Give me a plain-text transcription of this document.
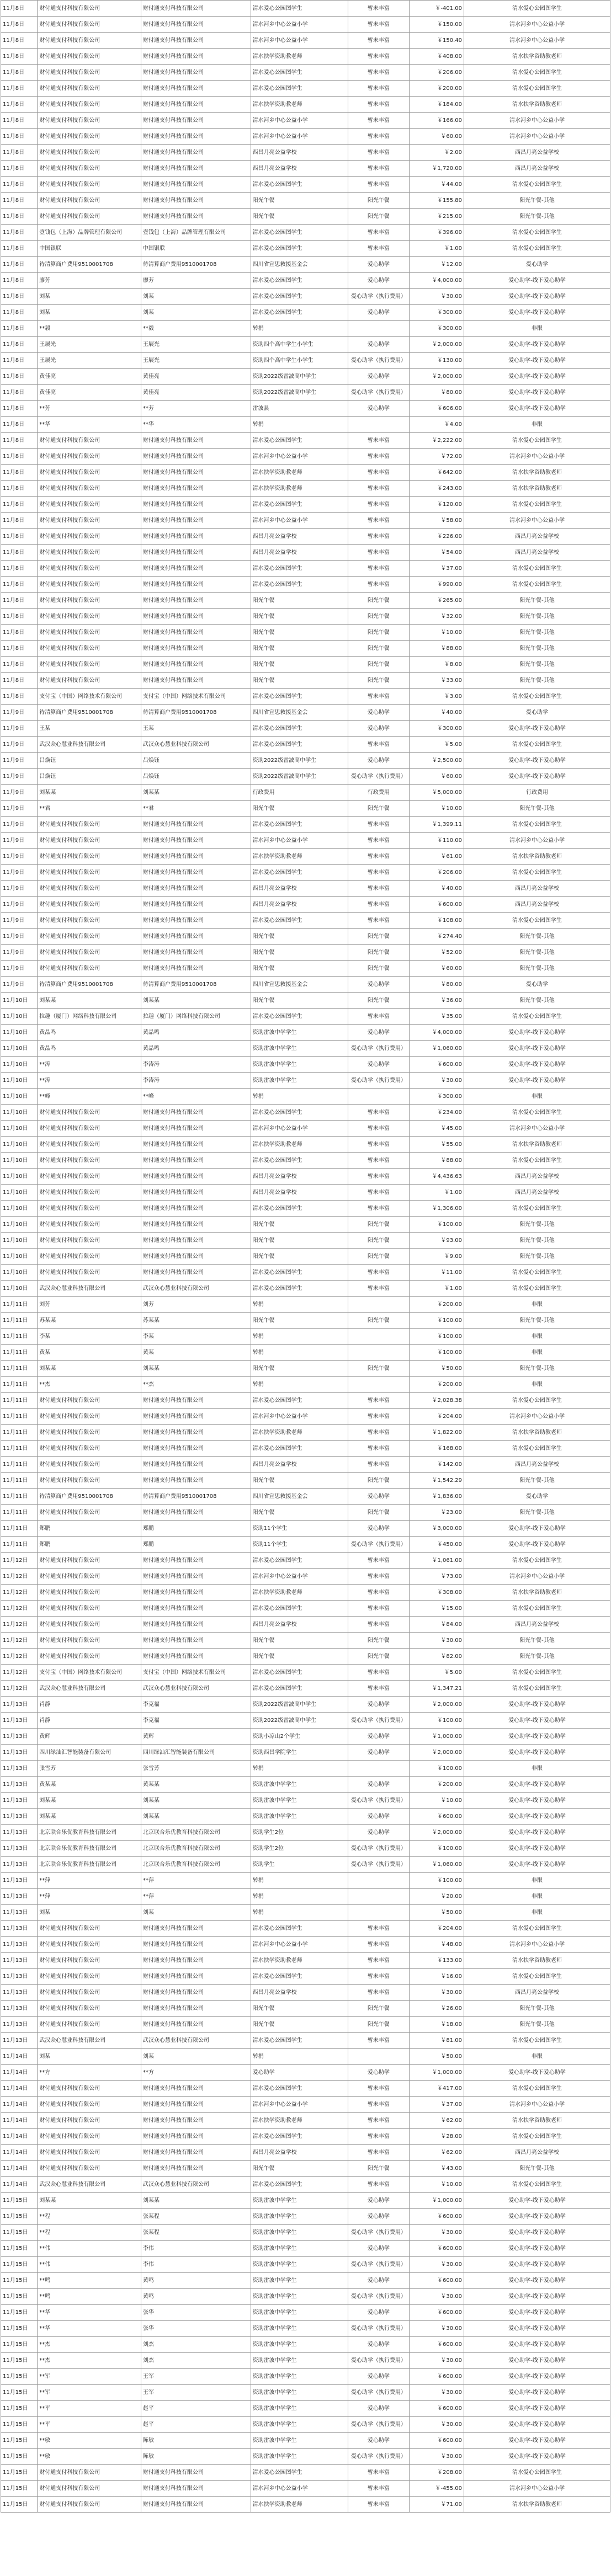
11月8日	财付通支付科技有限公司	财付通支付科技有限公司	清水爱心公园图学生	暂未丰富	￥-401.00	清水爱心公园图学生
11月8日	财付通支付科技有限公司	财付通支付科技有限公司	清水河乡中心公益小学	暂未丰富	￥150.00	清水河乡中心公益小学
11月8日	财付通支付科技有限公司	财付通支付科技有限公司	清水河乡中心公益小学	暂未丰富	￥150.40	清水河乡中心公益小学
11月8日	财付通支付科技有限公司	财付通支付科技有限公司	清水扶学资助教老师	暂未丰富	￥408.00	清水扶学资助教老师
11月8日	财付通支付科技有限公司	财付通支付科技有限公司	清水爱心公园图学生	暂未丰富	￥206.00	清水爱心公园图学生
11月8日	财付通支付科技有限公司	财付通支付科技有限公司	清水爱心公园图学生	暂未丰富	￥200.00	清水爱心公园图学生
11月8日	财付通支付科技有限公司	财付通支付科技有限公司	清水扶学资助教老师	暂未丰富	￥184.00	清水扶学资助教老师
11月8日	财付通支付科技有限公司	财付通支付科技有限公司	清水河乡中心公益小学	暂未丰富	￥166.00	清水河乡中心公益小学
11月8日	财付通支付科技有限公司	财付通支付科技有限公司	清水河乡中心公益小学	暂未丰富	￥60.00	清水河乡中心公益小学
11月8日	财付通支付科技有限公司	财付通支付科技有限公司	西昌月亮公益学校	暂未丰富	￥2.00	西昌月亮公益学校
11月8日	财付通支付科技有限公司	财付通支付科技有限公司	西昌月亮公益学校	暂未丰富	￥1,720.00	西昌月亮公益学校
11月8日	财付通支付科技有限公司	财付通支付科技有限公司	清水爱心公园图学生	暂未丰富	￥44.00	清水爱心公园图学生
11月8日	财付通支付科技有限公司	财付通支付科技有限公司	阳光午餐	阳光午餐	￥155.80	阳光午餐-其他
11月8日	财付通支付科技有限公司	财付通支付科技有限公司	阳光午餐	阳光午餐	￥215.00	阳光午餐-其他
11月8日	壹钱包（上海）品牌管理有限公司	壹钱包（上海）品牌管理有限公司	清水爱心公园图学生	暂未丰富	￥396.00	清水爱心公园图学生
11月8日	中国银联	中国银联	清水爱心公园图学生	暂未丰富	￥1.00	清水爱心公园图学生
11月8日	待清算商户费用9510001708	待清算商户费用9510001708	四川省宣思救援基金会	爱心助学	￥12.00	爱心助学
11月8日	廖芳	廖芳	清水爱心公园图学生	爱心助学	￥4,000.00	爱心助学-线下爱心助学
11月8日	刘某	刘某	清水爱心公园图学生	爱心助学（执行费用）	￥30.00	爱心助学-线下爱心助学
11月8日	刘某	刘某	清水爱心公园图学生	爱心助学	￥300.00	爱心助学-线下爱心助学
11月8日	**毅	**毅	转捐		￥300.00	非限
11月8日	王展光	王展光	资助四个高中学生小学生	爱心助学	￥2,000.00	爱心助学-线下爱心助学
11月8日	王展光	王展光	资助四个高中学生小学生	爱心助学（执行费用）	￥130.00	爱心助学-线下爱心助学
11月8日	黄佳亮	黄佳亮	资助2022级雷波高中学生	爱心助学	￥2,000.00	爱心助学-线下爱心助学
11月8日	黄佳亮	黄佳亮	资助2022级雷波高中学生	爱心助学（执行费用）	￥80.00	爱心助学-线下爱心助学
11月8日	**芳	**芳	雷波县	爱心助学	￥606.00	爱心助学-线下爱心助学
11月8日	**华	**华	转捐		￥4.00	非限
11月8日	财付通支付科技有限公司	财付通支付科技有限公司	清水爱心公园图学生	暂未丰富	￥2,222.00	清水爱心公园图学生
11月8日	财付通支付科技有限公司	财付通支付科技有限公司	清水河乡中心公益小学	暂未丰富	￥72.00	清水河乡中心公益小学
11月8日	财付通支付科技有限公司	财付通支付科技有限公司	清水扶学资助教老师	暂未丰富	￥642.00	清水扶学资助教老师
11月8日	财付通支付科技有限公司	财付通支付科技有限公司	清水扶学资助教老师	暂未丰富	￥243.00	清水扶学资助教老师
11月8日	财付通支付科技有限公司	财付通支付科技有限公司	清水爱心公园图学生	暂未丰富	￥120.00	清水爱心公园图学生
11月8日	财付通支付科技有限公司	财付通支付科技有限公司	清水河乡中心公益小学	暂未丰富	￥58.00	清水河乡中心公益小学
11月8日	财付通支付科技有限公司	财付通支付科技有限公司	西昌月亮公益学校	暂未丰富	￥226.00	西昌月亮公益学校
11月8日	财付通支付科技有限公司	财付通支付科技有限公司	西昌月亮公益学校	暂未丰富	￥54.00	西昌月亮公益学校
11月8日	财付通支付科技有限公司	财付通支付科技有限公司	清水爱心公园图学生	暂未丰富	￥37.00	清水爱心公园图学生
11月8日	财付通支付科技有限公司	财付通支付科技有限公司	清水爱心公园图学生	暂未丰富	￥990.00	清水爱心公园图学生
11月8日	财付通支付科技有限公司	财付通支付科技有限公司	阳光午餐	阳光午餐	￥265.00	阳光午餐-其他
11月8日	财付通支付科技有限公司	财付通支付科技有限公司	阳光午餐	阳光午餐	￥32.00	阳光午餐-其他
11月8日	财付通支付科技有限公司	财付通支付科技有限公司	阳光午餐	阳光午餐	￥10.00	阳光午餐-其他
11月8日	财付通支付科技有限公司	财付通支付科技有限公司	阳光午餐	阳光午餐	￥88.00	阳光午餐-其他
11月8日	财付通支付科技有限公司	财付通支付科技有限公司	阳光午餐	阳光午餐	￥8.00	阳光午餐-其他
11月8日	财付通支付科技有限公司	财付通支付科技有限公司	阳光午餐	阳光午餐	￥33.00	阳光午餐-其他
11月8日	支付宝（中国）网络技术有限公司	支付宝（中国）网络技术有限公司	清水爱心公园图学生	暂未丰富	￥3.00	清水爱心公园图学生
11月9日	待清算商户费用9510001708	待清算商户费用9510001708	四川省宣思救援基金会	爱心助学	￥40.00	爱心助学
11月9日	王某	王某	清水爱心公园图学生	爱心助学	￥300.00	爱心助学-线下爱心助学
11月9日	武汉众心慧业科技有限公司	武汉众心慧业科技有限公司	清水爱心公园图学生	暂未丰富	￥5.00	清水爱心公园图学生
11月9日	吕焕钰	吕焕钰	资助2022级雷波高中学生	爱心助学	￥2,500.00	爱心助学-线下爱心助学
11月9日	吕焕钰	吕焕钰	资助2022级雷波高中学生	爱心助学（执行费用）	￥60.00	爱心助学-线下爱心助学
11月9日	刘某某	刘某某	行政费用	行政费用	￥5,000.00	行政费用
11月9日	**君	**君	阳光午餐	阳光午餐	￥10.00	阳光午餐-其他
11月9日	财付通支付科技有限公司	财付通支付科技有限公司	清水爱心公园图学生	暂未丰富	￥1,399.11	清水爱心公园图学生
11月9日	财付通支付科技有限公司	财付通支付科技有限公司	清水河乡中心公益小学	暂未丰富	￥110.00	清水河乡中心公益小学
11月9日	财付通支付科技有限公司	财付通支付科技有限公司	清水扶学资助教老师	暂未丰富	￥61.00	清水扶学资助教老师
11月9日	财付通支付科技有限公司	财付通支付科技有限公司	清水爱心公园图学生	暂未丰富	￥206.00	清水爱心公园图学生
11月9日	财付通支付科技有限公司	财付通支付科技有限公司	西昌月亮公益学校	暂未丰富	￥40.00	西昌月亮公益学校
11月9日	财付通支付科技有限公司	财付通支付科技有限公司	西昌月亮公益学校	暂未丰富	￥600.00	西昌月亮公益学校
11月9日	财付通支付科技有限公司	财付通支付科技有限公司	清水爱心公园图学生	暂未丰富	￥108.00	清水爱心公园图学生
11月9日	财付通支付科技有限公司	财付通支付科技有限公司	阳光午餐	阳光午餐	￥274.40	阳光午餐-其他
11月9日	财付通支付科技有限公司	财付通支付科技有限公司	阳光午餐	阳光午餐	￥52.00	阳光午餐-其他
11月9日	财付通支付科技有限公司	财付通支付科技有限公司	阳光午餐	阳光午餐	￥60.00	阳光午餐-其他
11月9日	待清算商户费用9510001708	待清算商户费用9510001708	四川省宣思救援基金会	爱心助学	￥80.00	爱心助学
11月10日	刘某某	刘某某	阳光午餐	阳光午餐	￥36.00	阳光午餐-其他
11月10日	拉趣（厦门）网络科技有限公司	拉趣（厦门）网络科技有限公司	清水爱心公园图学生	暂未丰富	￥35.00	清水爱心公园图学生
11月10日	黄晶鸣	黄晶鸣	资助雷波中学学生	爱心助学	￥4,000.00	爱心助学-线下爱心助学
11月10日	黄晶鸣	黄晶鸣	资助雷波中学学生	爱心助学（执行费用）	￥1,060.00	爱心助学-线下爱心助学
11月10日	**涛	李涛涛	资助雷波中学学生	爱心助学	￥600.00	爱心助学-线下爱心助学
11月10日	**涛	李涛涛	资助雷波中学学生	爱心助学（执行费用）	￥30.00	爱心助学-线下爱心助学
11月10日	**峰	**峰	转捐		￥300.00	非限
11月10日	财付通支付科技有限公司	财付通支付科技有限公司	清水爱心公园图学生	暂未丰富	￥234.00	清水爱心公园图学生
11月10日	财付通支付科技有限公司	财付通支付科技有限公司	清水河乡中心公益小学	暂未丰富	￥45.00	清水河乡中心公益小学
11月10日	财付通支付科技有限公司	财付通支付科技有限公司	清水扶学资助教老师	暂未丰富	￥55.00	清水扶学资助教老师
11月10日	财付通支付科技有限公司	财付通支付科技有限公司	清水爱心公园图学生	暂未丰富	￥88.00	清水爱心公园图学生
11月10日	财付通支付科技有限公司	财付通支付科技有限公司	西昌月亮公益学校	暂未丰富	￥4,436.63	西昌月亮公益学校
11月10日	财付通支付科技有限公司	财付通支付科技有限公司	西昌月亮公益学校	暂未丰富	￥1.00	西昌月亮公益学校
11月10日	财付通支付科技有限公司	财付通支付科技有限公司	清水爱心公园图学生	暂未丰富	￥1,306.00	清水爱心公园图学生
11月10日	财付通支付科技有限公司	财付通支付科技有限公司	阳光午餐	阳光午餐	￥100.00	阳光午餐-其他
11月10日	财付通支付科技有限公司	财付通支付科技有限公司	阳光午餐	阳光午餐	￥93.00	阳光午餐-其他
11月10日	财付通支付科技有限公司	财付通支付科技有限公司	阳光午餐	阳光午餐	￥9.00	阳光午餐-其他
11月10日	财付通支付科技有限公司	财付通支付科技有限公司	清水爱心公园图学生	暂未丰富	￥11.00	清水爱心公园图学生
11月10日	武汉众心慧业科技有限公司	武汉众心慧业科技有限公司	清水爱心公园图学生	暂未丰富	￥1.00	清水爱心公园图学生
11月11日	刘芳	刘芳	转捐		￥200.00	非限
11月11日	苏某某	苏某某	阳光午餐	阳光午餐	￥100.00	阳光午餐-其他
11月11日	李某	李某	转捐		￥100.00	非限
11月11日	黄某	黄某	转捐		￥100.00	非限
11月11日	刘某某	刘某某	阳光午餐	阳光午餐	￥50.00	阳光午餐-其他
11月11日	**杰	**杰	转捐		￥200.00	非限
11月11日	财付通支付科技有限公司	财付通支付科技有限公司	清水爱心公园图学生	暂未丰富	￥2,028.38	清水爱心公园图学生
11月11日	财付通支付科技有限公司	财付通支付科技有限公司	清水河乡中心公益小学	暂未丰富	￥204.00	清水河乡中心公益小学
11月11日	财付通支付科技有限公司	财付通支付科技有限公司	清水扶学资助教老师	暂未丰富	￥1,822.00	清水扶学资助教老师
11月11日	财付通支付科技有限公司	财付通支付科技有限公司	清水爱心公园图学生	暂未丰富	￥168.00	清水爱心公园图学生
11月11日	财付通支付科技有限公司	财付通支付科技有限公司	西昌月亮公益学校	暂未丰富	￥142.00	西昌月亮公益学校
11月11日	财付通支付科技有限公司	财付通支付科技有限公司	阳光午餐	阳光午餐	￥1,542.29	阳光午餐-其他
11月11日	待清算商户费用9510001708	待清算商户费用9510001708	四川省宣思救援基金会	爱心助学	￥1,836.00	爱心助学
11月11日	财付通支付科技有限公司	财付通支付科技有限公司	阳光午餐	阳光午餐	￥23.00	阳光午餐-其他
11月11日	郑鹏	郑鹏	资助11个学生	爱心助学	￥3,000.00	爱心助学-线下爱心助学
11月11日	郑鹏	郑鹏	资助11个学生	爱心助学（执行费用）	￥450.00	爱心助学-线下爱心助学
11月12日	财付通支付科技有限公司	财付通支付科技有限公司	清水爱心公园图学生	暂未丰富	￥1,061.00	清水爱心公园图学生
11月12日	财付通支付科技有限公司	财付通支付科技有限公司	清水河乡中心公益小学	暂未丰富	￥73.00	清水河乡中心公益小学
11月12日	财付通支付科技有限公司	财付通支付科技有限公司	清水扶学资助教老师	暂未丰富	￥308.00	清水扶学资助教老师
11月12日	财付通支付科技有限公司	财付通支付科技有限公司	清水爱心公园图学生	暂未丰富	￥15.00	清水爱心公园图学生
11月12日	财付通支付科技有限公司	财付通支付科技有限公司	西昌月亮公益学校	暂未丰富	￥84.00	西昌月亮公益学校
11月12日	财付通支付科技有限公司	财付通支付科技有限公司	阳光午餐	阳光午餐	￥30.00	阳光午餐-其他
11月12日	财付通支付科技有限公司	财付通支付科技有限公司	阳光午餐	阳光午餐	￥82.00	阳光午餐-其他
11月12日	支付宝（中国）网络技术有限公司	支付宝（中国）网络技术有限公司	清水爱心公园图学生	暂未丰富	￥5.00	清水爱心公园图学生
11月12日	武汉众心慧业科技有限公司	武汉众心慧业科技有限公司	清水爱心公园图学生	暂未丰富	￥1,347.21	清水爱心公园图学生
11月13日	肖静	李克福	资助2022级雷波高中学生	爱心助学	￥2,000.00	爱心助学-线下爱心助学
11月13日	肖静	李克福	资助2022级雷波高中学生	爱心助学（执行费用）	￥100.00	爱心助学-线下爱心助学
11月13日	黄辉	黄辉	资助小凉山2个学生	爱心助学	￥1,000.00	爱心助学-线下爱心助学
11月13日	四川绿汕汇智能装备有限公司	四川绿汕汇智能装备有限公司	资助西昌学院学生	爱心助学	￥2,000.00	爱心助学-线下爱心助学
11月13日	张雪芳	张雪芳	转捐		￥100.00	非限
11月13日	黄某某	黄某某	资助雷波中学学生	爱心助学	￥200.00	爱心助学-线下爱心助学
11月13日	刘某某	刘某某	资助雷波中学学生	爱心助学（执行费用）	￥10.00	爱心助学-线下爱心助学
11月13日	刘某某	刘某某	资助雷波中学学生	爱心助学	￥600.00	爱心助学-线下爱心助学
11月13日	北京联合乐优教育科技有限公司	北京联合乐优教育科技有限公司	资助学生2位	爱心助学	￥2,000.00	爱心助学-线下爱心助学
11月13日	北京联合乐优教育科技有限公司	北京联合乐优教育科技有限公司	资助学生2位	爱心助学（执行费用）	￥100.00	爱心助学-线下爱心助学
11月13日	北京联合乐优教育科技有限公司	北京联合乐优教育科技有限公司	资助学生	爱心助学（执行费用）	￥1,060.00	爱心助学-线下爱心助学
11月13日	**萍	**萍	转捐		￥100.00	非限
11月13日	**萍	**萍	转捐		￥20.00	非限
11月13日	刘某	刘某	转捐		￥50.00	非限
11月13日	财付通支付科技有限公司	财付通支付科技有限公司	清水爱心公园图学生	暂未丰富	￥204.00	清水爱心公园图学生
11月13日	财付通支付科技有限公司	财付通支付科技有限公司	清水河乡中心公益小学	暂未丰富	￥48.00	清水河乡中心公益小学
11月13日	财付通支付科技有限公司	财付通支付科技有限公司	清水扶学资助教老师	暂未丰富	￥133.00	清水扶学资助教老师
11月13日	财付通支付科技有限公司	财付通支付科技有限公司	清水爱心公园图学生	暂未丰富	￥16.00	清水爱心公园图学生
11月13日	财付通支付科技有限公司	财付通支付科技有限公司	西昌月亮公益学校	暂未丰富	￥30.00	西昌月亮公益学校
11月13日	财付通支付科技有限公司	财付通支付科技有限公司	阳光午餐	阳光午餐	￥26.00	阳光午餐-其他
11月13日	财付通支付科技有限公司	财付通支付科技有限公司	阳光午餐	阳光午餐	￥18.00	阳光午餐-其他
11月13日	武汉众心慧业科技有限公司	武汉众心慧业科技有限公司	清水爱心公园图学生	暂未丰富	￥81.00	清水爱心公园图学生
11月14日	刘某	刘某	转捐		￥50.00	非限
11月14日	**方	**方	爱心助学	爱心助学	￥1,000.00	爱心助学-线下爱心助学
11月14日	财付通支付科技有限公司	财付通支付科技有限公司	清水爱心公园图学生	暂未丰富	￥417.00	清水爱心公园图学生
11月14日	财付通支付科技有限公司	财付通支付科技有限公司	清水河乡中心公益小学	暂未丰富	￥37.00	清水河乡中心公益小学
11月14日	财付通支付科技有限公司	财付通支付科技有限公司	清水扶学资助教老师	暂未丰富	￥62.00	清水扶学资助教老师
11月14日	财付通支付科技有限公司	财付通支付科技有限公司	清水爱心公园图学生	暂未丰富	￥28.00	清水爱心公园图学生
11月14日	财付通支付科技有限公司	财付通支付科技有限公司	西昌月亮公益学校	暂未丰富	￥62.00	西昌月亮公益学校
11月14日	财付通支付科技有限公司	财付通支付科技有限公司	阳光午餐	阳光午餐	￥43.00	阳光午餐-其他
11月14日	武汉众心慧业科技有限公司	武汉众心慧业科技有限公司	清水爱心公园图学生	暂未丰富	￥10.00	清水爱心公园图学生
11月15日	刘某某	刘某某	资助雷波中学学生	爱心助学	￥1,000.00	爱心助学-线下爱心助学
11月15日	**程	张某程	资助雷波中学学生	爱心助学	￥600.00	爱心助学-线下爱心助学
11月15日	**程	张某程	资助雷波中学学生	爱心助学（执行费用）	￥30.00	爱心助学-线下爱心助学
11月15日	**伟	李伟	资助雷波中学学生	爱心助学	￥600.00	爱心助学-线下爱心助学
11月15日	**伟	李伟	资助雷波中学学生	爱心助学（执行费用）	￥30.00	爱心助学-线下爱心助学
11月15日	**鸣	黄鸣	资助雷波中学学生	爱心助学	￥600.00	爱心助学-线下爱心助学
11月15日	**鸣	黄鸣	资助雷波中学学生	爱心助学（执行费用）	￥30.00	爱心助学-线下爱心助学
11月15日	**华	张华	资助雷波中学学生	爱心助学	￥600.00	爱心助学-线下爱心助学
11月15日	**华	张华	资助雷波中学学生	爱心助学（执行费用）	￥30.00	爱心助学-线下爱心助学
11月15日	**杰	刘杰	资助雷波中学学生	爱心助学	￥600.00	爱心助学-线下爱心助学
11月15日	**杰	刘杰	资助雷波中学学生	爱心助学（执行费用）	￥30.00	爱心助学-线下爱心助学
11月15日	**军	王军	资助雷波中学学生	爱心助学	￥600.00	爱心助学-线下爱心助学
11月15日	**军	王军	资助雷波中学学生	爱心助学（执行费用）	￥30.00	爱心助学-线下爱心助学
11月15日	**平	赵平	资助雷波中学学生	爱心助学	￥600.00	爱心助学-线下爱心助学
11月15日	**平	赵平	资助雷波中学学生	爱心助学（执行费用）	￥30.00	爱心助学-线下爱心助学
11月15日	**敏	陈敏	资助雷波中学学生	爱心助学	￥600.00	爱心助学-线下爱心助学
11月15日	**敏	陈敏	资助雷波中学学生	爱心助学（执行费用）	￥30.00	爱心助学-线下爱心助学
11月15日	财付通支付科技有限公司	财付通支付科技有限公司	清水爱心公园图学生	暂未丰富	￥208.00	清水爱心公园图学生
11月15日	财付通支付科技有限公司	财付通支付科技有限公司	清水河乡中心公益小学	暂未丰富	￥-455.00	清水河乡中心公益小学
11月15日	财付通支付科技有限公司	财付通支付科技有限公司	清水扶学资助教老师	暂未丰富	￥71.00	清水扶学资助教老师
